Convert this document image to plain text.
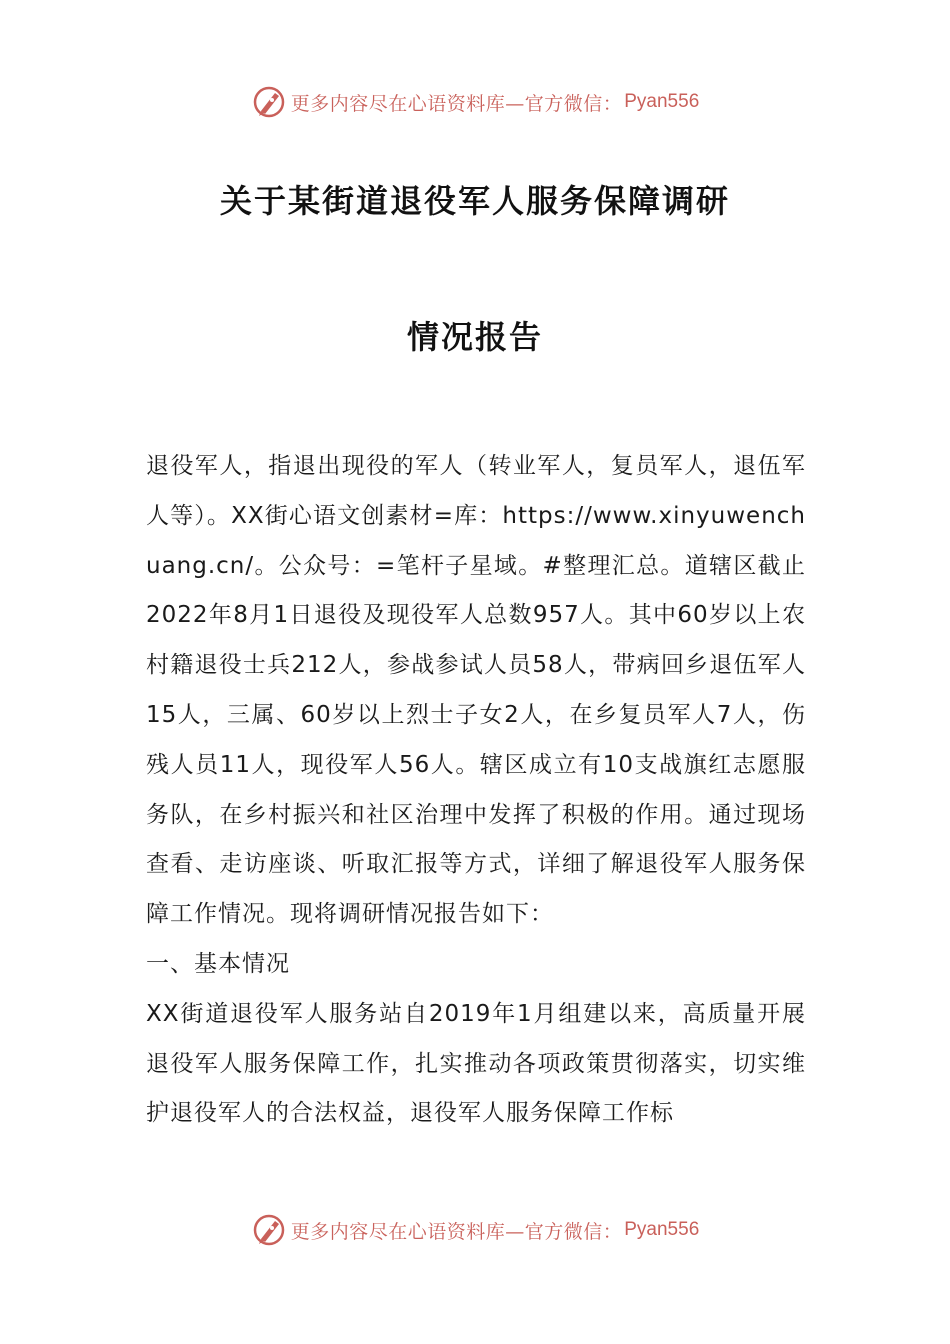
更多内容尽在心语资料库—官方微信： Pyan556
关于某街道退役军人服务保障调研
情况报告

退役军人，指退出现役的军人（转业军人，复员军人，退伍军人等）。XX街心语文创素材=库：https://www.xinyuwenchuang.cn/。公众号：=笔杆子星域。#整理汇总。道辖区截止2022年8月1日退役及现役军人总数957人。其中60岁以上农村籍退役士兵212人，参战参试人员58人，带病回乡退伍军人15人，三属、60岁以上烈士子女2人，在乡复员军人7人，伤残人员11人，现役军人56人。辖区成立有10支战旗红志愿服务队，在乡村振兴和社区治理中发挥了积极的作用。通过现场查看、走访座谈、听取汇报等方式，详细了解退役军人服务保障工作情况。现将调研情况报告如下：

一、基本情况

XX街道退役军人服务站自2019年1月组建以来，高质量开展退役军人服务保障工作，扎实推动各项政策贯彻落实，切实维护退役军人的合法权益，退役军人服务保障工作标

更多内容尽在心语资料库—官方微信： Pyan556
